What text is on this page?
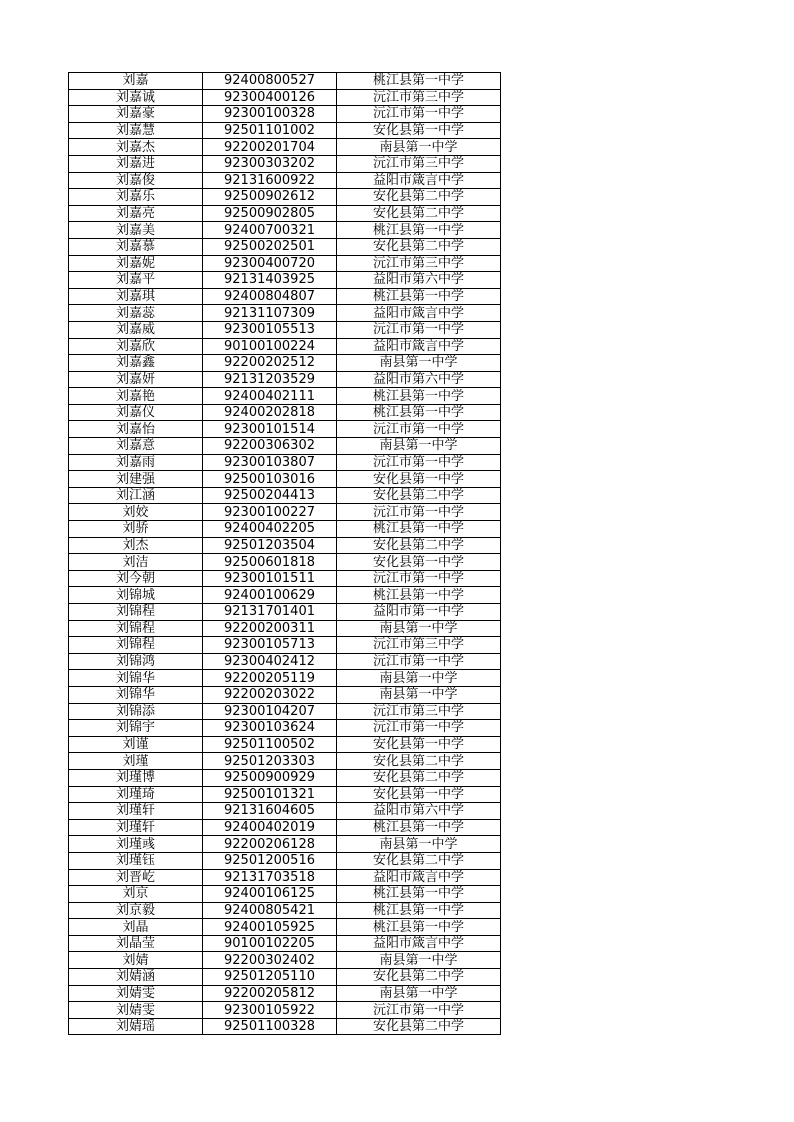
刘嘉	92400800527	桃江县第一中学
刘嘉诚	92300400126	沅江市第三中学
刘嘉豪	92300100328	沅江市第一中学
刘嘉慧	92501101002	安化县第一中学
刘嘉杰	92200201704	南县第一中学
刘嘉进	92300303202	沅江市第三中学
刘嘉俊	92131600922	益阳市箴言中学
刘嘉乐	92500902612	安化县第二中学
刘嘉亮	92500902805	安化县第二中学
刘嘉美	92400700321	桃江县第一中学
刘嘉慕	92500202501	安化县第二中学
刘嘉妮	92300400720	沅江市第三中学
刘嘉平	92131403925	益阳市第六中学
刘嘉琪	92400804807	桃江县第一中学
刘嘉蕊	92131107309	益阳市箴言中学
刘嘉威	92300105513	沅江市第一中学
刘嘉欣	90100100224	益阳市箴言中学
刘嘉鑫	92200202512	南县第一中学
刘嘉妍	92131203529	益阳市第六中学
刘嘉艳	92400402111	桃江县第一中学
刘嘉仪	92400202818	桃江县第一中学
刘嘉怡	92300101514	沅江市第一中学
刘嘉意	92200306302	南县第一中学
刘嘉雨	92300103807	沅江市第一中学
刘建强	92500103016	安化县第一中学
刘江涵	92500204413	安化县第二中学
刘姣	92300100227	沅江市第一中学
刘骄	92400402205	桃江县第一中学
刘杰	92501203504	安化县第二中学
刘洁	92500601818	安化县第一中学
刘今朝	92300101511	沅江市第一中学
刘锦城	92400100629	桃江县第一中学
刘锦程	92131701401	益阳市第一中学
刘锦程	92200200311	南县第一中学
刘锦程	92300105713	沅江市第三中学
刘锦鸿	92300402412	沅江市第一中学
刘锦华	92200205119	南县第一中学
刘锦华	92200203022	南县第一中学
刘锦添	92300104207	沅江市第三中学
刘锦宇	92300103624	沅江市第一中学
刘谨	92501100502	安化县第一中学
刘瑾	92501203303	安化县第二中学
刘瑾博	92500900929	安化县第二中学
刘瑾琦	92500101321	安化县第一中学
刘瑾轩	92131604605	益阳市第六中学
刘瑾轩	92400402019	桃江县第一中学
刘瑾彧	92200206128	南县第一中学
刘瑾钰	92501200516	安化县第二中学
刘晋屹	92131703518	益阳市箴言中学
刘京	92400106125	桃江县第一中学
刘京毅	92400805421	桃江县第一中学
刘晶	92400105925	桃江县第一中学
刘晶莹	90100102205	益阳市箴言中学
刘婧	92200302402	南县第一中学
刘婧涵	92501205110	安化县第二中学
刘婧雯	92200205812	南县第一中学
刘婧雯	92300105922	沅江市第一中学
刘婧瑶	92501100328	安化县第二中学
